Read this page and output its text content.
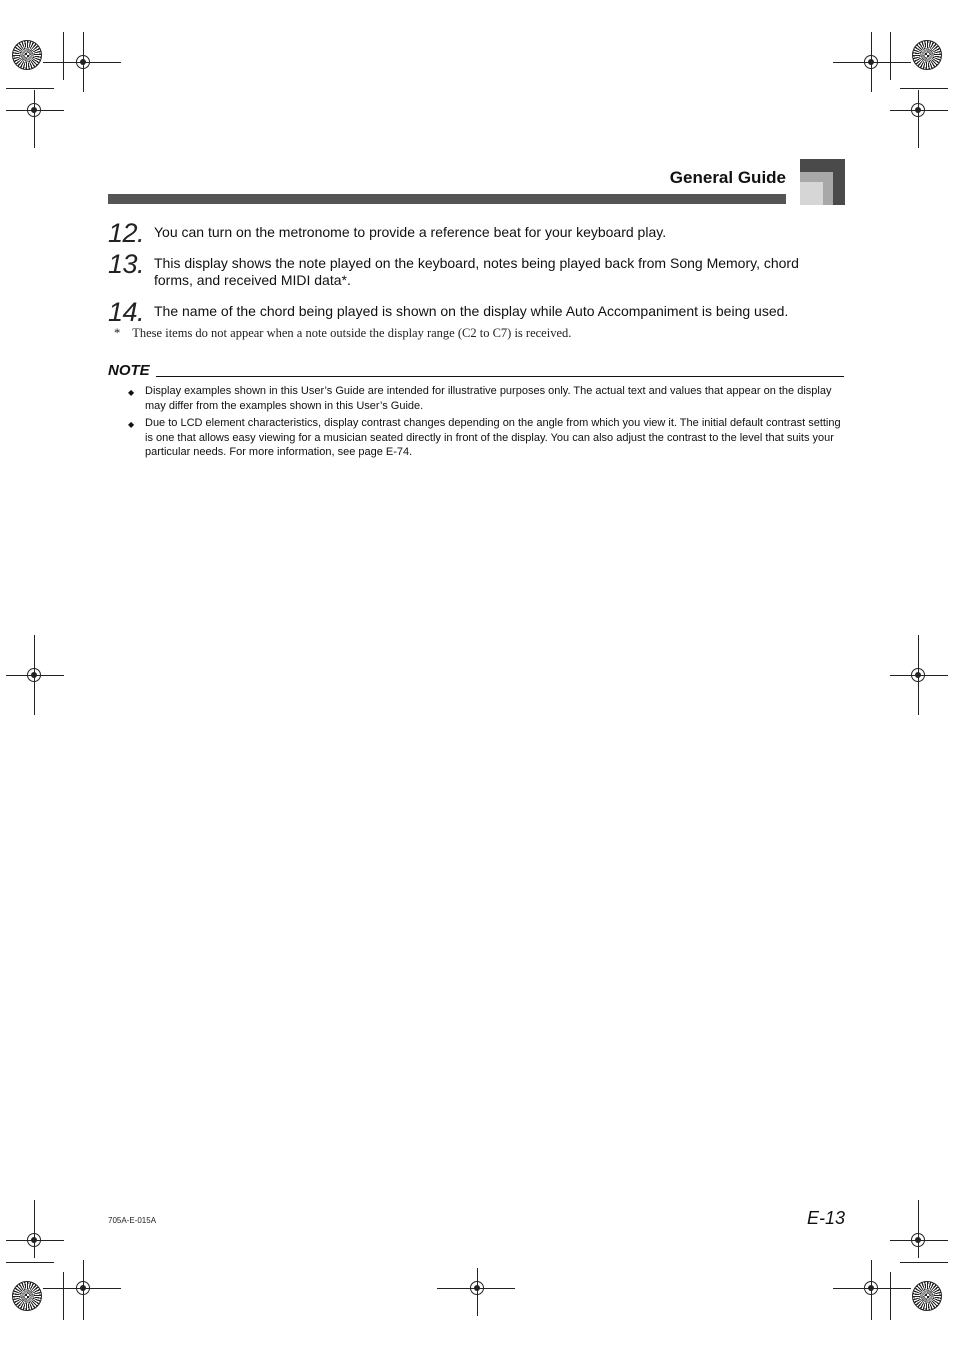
General Guide
12. You can turn on the metronome to provide a reference beat for your keyboard play.
13. This display shows the note played on the keyboard, notes being played back from Song Memory, chord forms, and received MIDI data*.
14. The name of the chord being played is shown on the display while Auto Accompaniment is being used.
* These items do not appear when a note outside the display range (C2 to C7) is received.
NOTE
◆ Display examples shown in this User’s Guide are intended for illustrative purposes only. The actual text and values that appear on the display may differ from the examples shown in this User’s Guide.
◆ Due to LCD element characteristics, display contrast changes depending on the angle from which you view it. The initial default contrast setting is one that allows easy viewing for a musician seated directly in front of the display. You can also adjust the contrast to the level that suits your particular needs. For more information, see page E-74.
705A-E-015A	E-13
